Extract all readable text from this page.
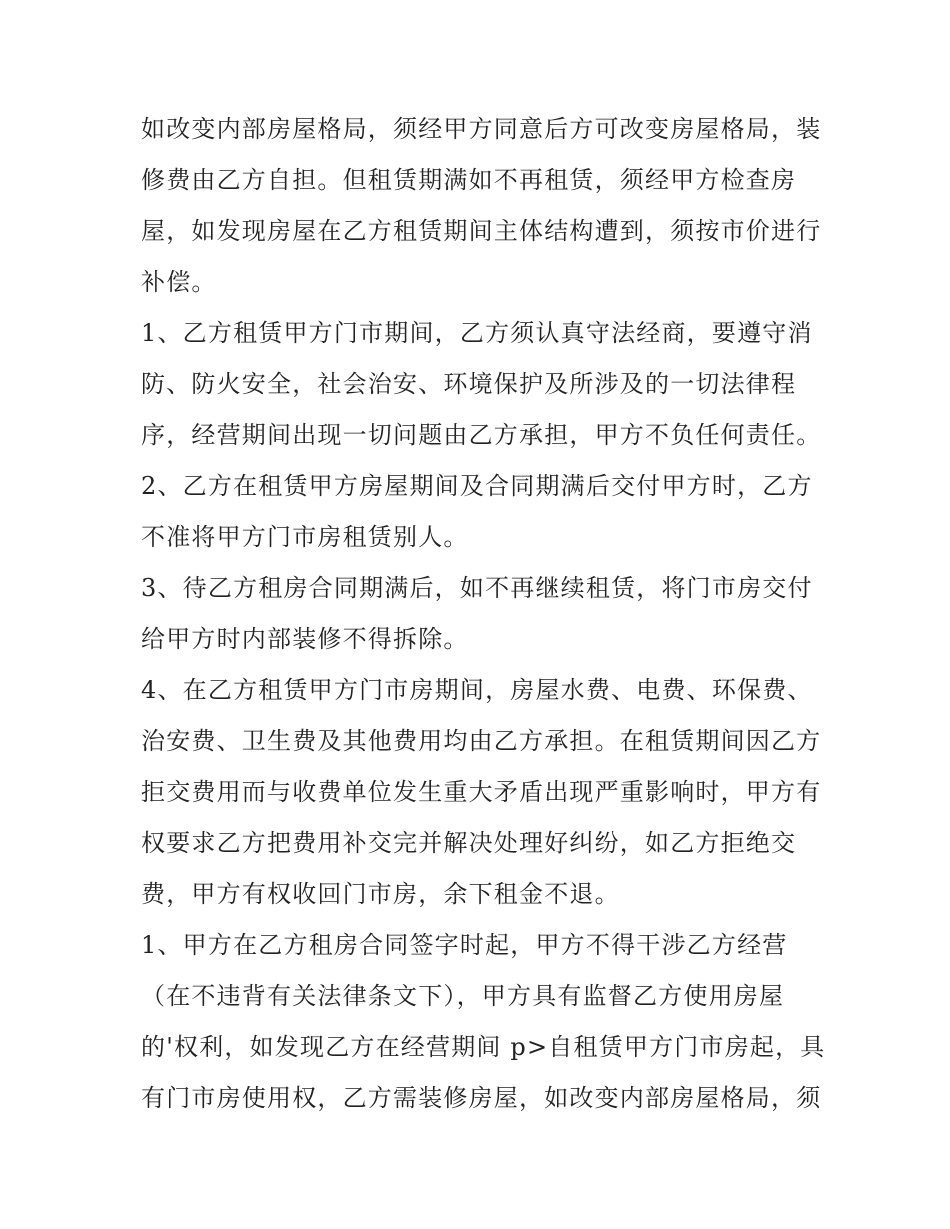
如改变内部房屋格局，须经甲方同意后方可改变房屋格局，装
修费由乙方自担。但租赁期满如不再租赁，须经甲方检查房
屋，如发现房屋在乙方租赁期间主体结构遭到，须按市价进行
补偿。
1、乙方租赁甲方门市期间，乙方须认真守法经商，要遵守消
防、防火安全，社会治安、环境保护及所涉及的一切法律程
序，经营期间出现一切问题由乙方承担，甲方不负任何责任。
2、乙方在租赁甲方房屋期间及合同期满后交付甲方时，乙方
不准将甲方门市房租赁别人。
3、待乙方租房合同期满后，如不再继续租赁，将门市房交付
给甲方时内部装修不得拆除。
4、在乙方租赁甲方门市房期间，房屋水费、电费、环保费、
治安费、卫生费及其他费用均由乙方承担。在租赁期间因乙方
拒交费用而与收费单位发生重大矛盾出现严重影响时，甲方有
权要求乙方把费用补交完并解决处理好纠纷，如乙方拒绝交
费，甲方有权收回门市房，余下租金不退。
1、甲方在乙方租房合同签字时起，甲方不得干涉乙方经营
（在不违背有关法律条文下），甲方具有监督乙方使用房屋
的'权利，如发现乙方在经营期间 p>自租赁甲方门市房起，具
有门市房使用权，乙方需装修房屋，如改变内部房屋格局，须
